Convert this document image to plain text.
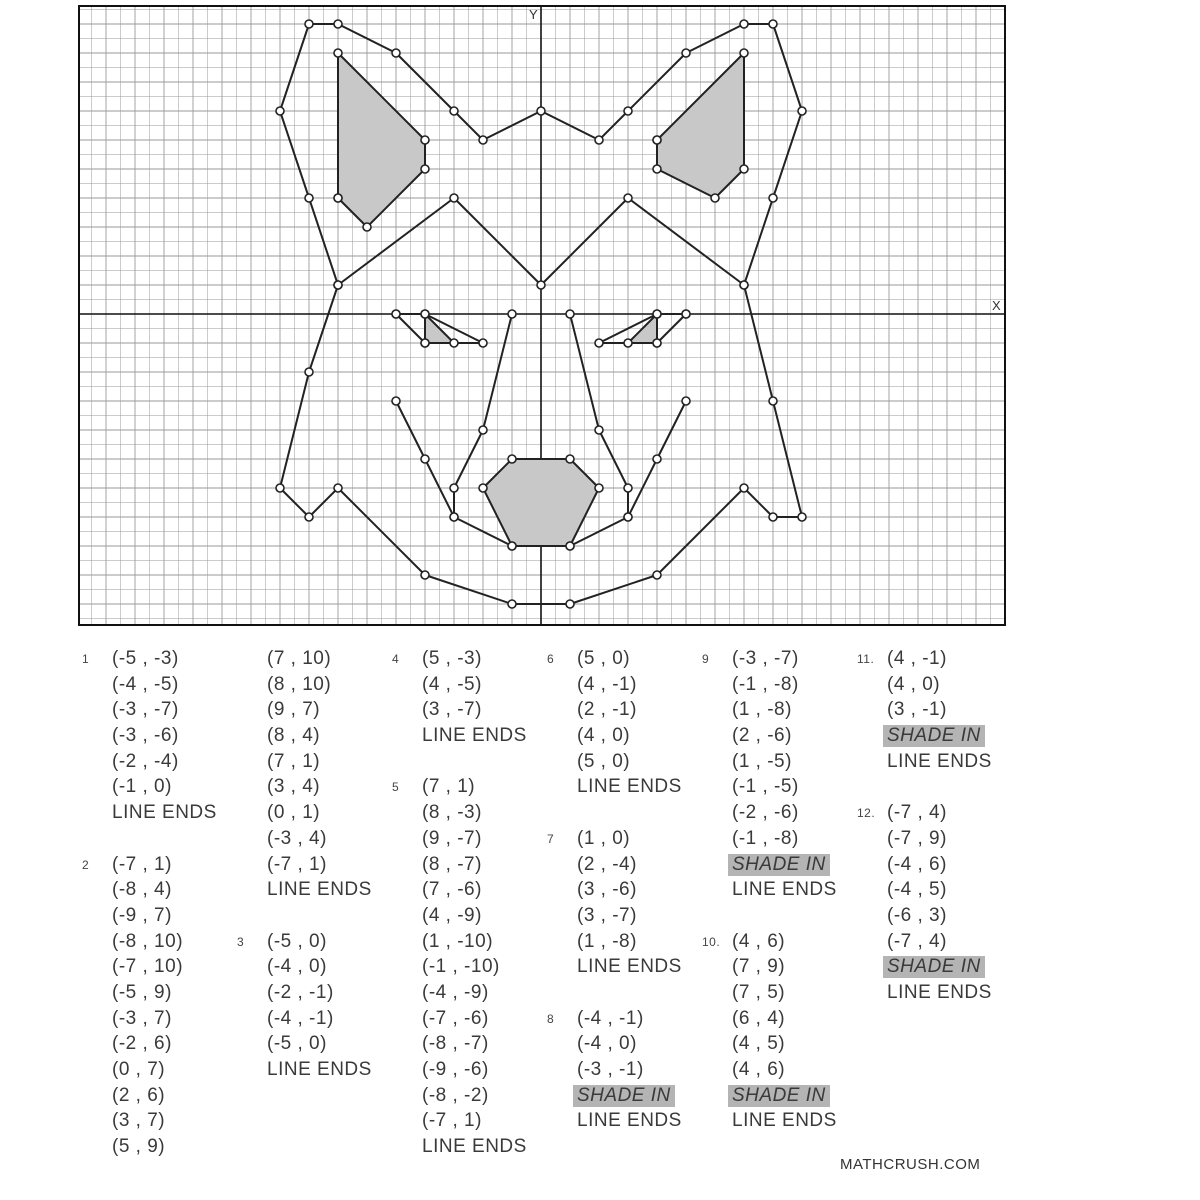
X
Y
1 (-5 , -3)
(-4 , -5)
(-3 , -7)
(-3 , -6)
(-2 , -4)
(-1 , 0)
LINE ENDS
2 (-7 , 1)
(-8 , 4)
(-9 , 7)
(-8 , 10)
(-7 , 10)
(-5 , 9)
(-3 , 7)
(-2 , 6)
(0 , 7)
(2 , 6)
(3 , 7)
(5 , 9)
(7 , 10)
(8 , 10)
(9 , 7)
(8 , 4)
(7 , 1)
(3 , 4)
(0 , 1)
(-3 , 4)
(-7 , 1)
LINE ENDS
3 (-5 , 0)
(-4 , 0)
(-2 , -1)
(-4 , -1)
(-5 , 0)
LINE ENDS
4 (5 , -3)
(4 , -5)
(3 , -7)
LINE ENDS
5 (7 , 1)
(8 , -3)
(9 , -7)
(8 , -7)
(7 , -6)
(4 , -9)
(1 , -10)
(-1 , -10)
(-4 , -9)
(-7 , -6)
(-8 , -7)
(-9 , -6)
(-8 , -2)
(-7 , 1)
LINE ENDS
6 (5 , 0)
(4 , -1)
(2 , -1)
(4 , 0)
(5 , 0)
LINE ENDS
7 (1 , 0)
(2 , -4)
(3 , -6)
(3 , -7)
(1 , -8)
LINE ENDS
8 (-4 , -1)
(-4 , 0)
(-3 , -1)
SHADE IN
LINE ENDS
9 (-3 , -7)
(-1 , -8)
(1 , -8)
(2 , -6)
(1 , -5)
(-1 , -5)
(-2 , -6)
(-1 , -8)
SHADE IN
LINE ENDS
10. (4 , 6)
(7 , 9)
(7 , 5)
(6 , 4)
(4 , 5)
(4 , 6)
SHADE IN
LINE ENDS
11. (4 , -1)
(4 , 0)
(3 , -1)
SHADE IN
LINE ENDS
12. (-7 , 4)
(-7 , 9)
(-4 , 6)
(-4 , 5)
(-6 , 3)
(-7 , 4)
SHADE IN
LINE ENDS
MATHCRUSH.COM
